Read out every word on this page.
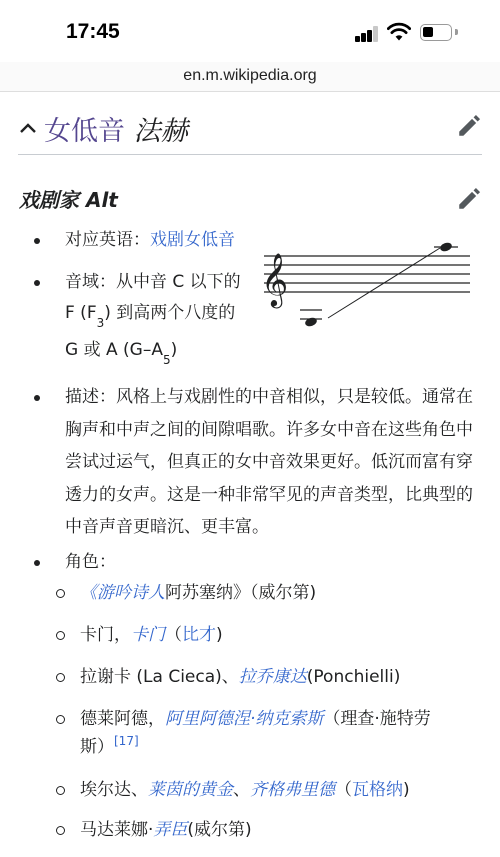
17:45
en.m.wikipedia.org
女低音 法赫
戏剧家 Alt
对应英语：戏剧女低音
音域：从中音 C 以下的
F $(F_3)$ 到高两个八度的
G 或 A $(G-A_5)$
𝄞
描述：风格上与戏剧性的中音相似，只是较低。通常在胸声和中声之间的间隙唱歌。许多女中音在这些角色中尝试过运气，但真正的女中音效果更好。低沉而富有穿透力的女声。这是一种非常罕见的声音类型，比典型的中音声音更暗沉、更丰富。
角色：
《游吟诗人阿苏塞纳》（威尔第)
卡门，卡门（比才)
拉谢卡 (La Cieca)、拉乔康达(Ponchielli)
德莱阿德，阿里阿德涅·纳克索斯（理查·施特劳
斯）[17]
埃尔达、莱茵的黄金、齐格弗里德（瓦格纳)
马达莱娜·弄臣(威尔第)
